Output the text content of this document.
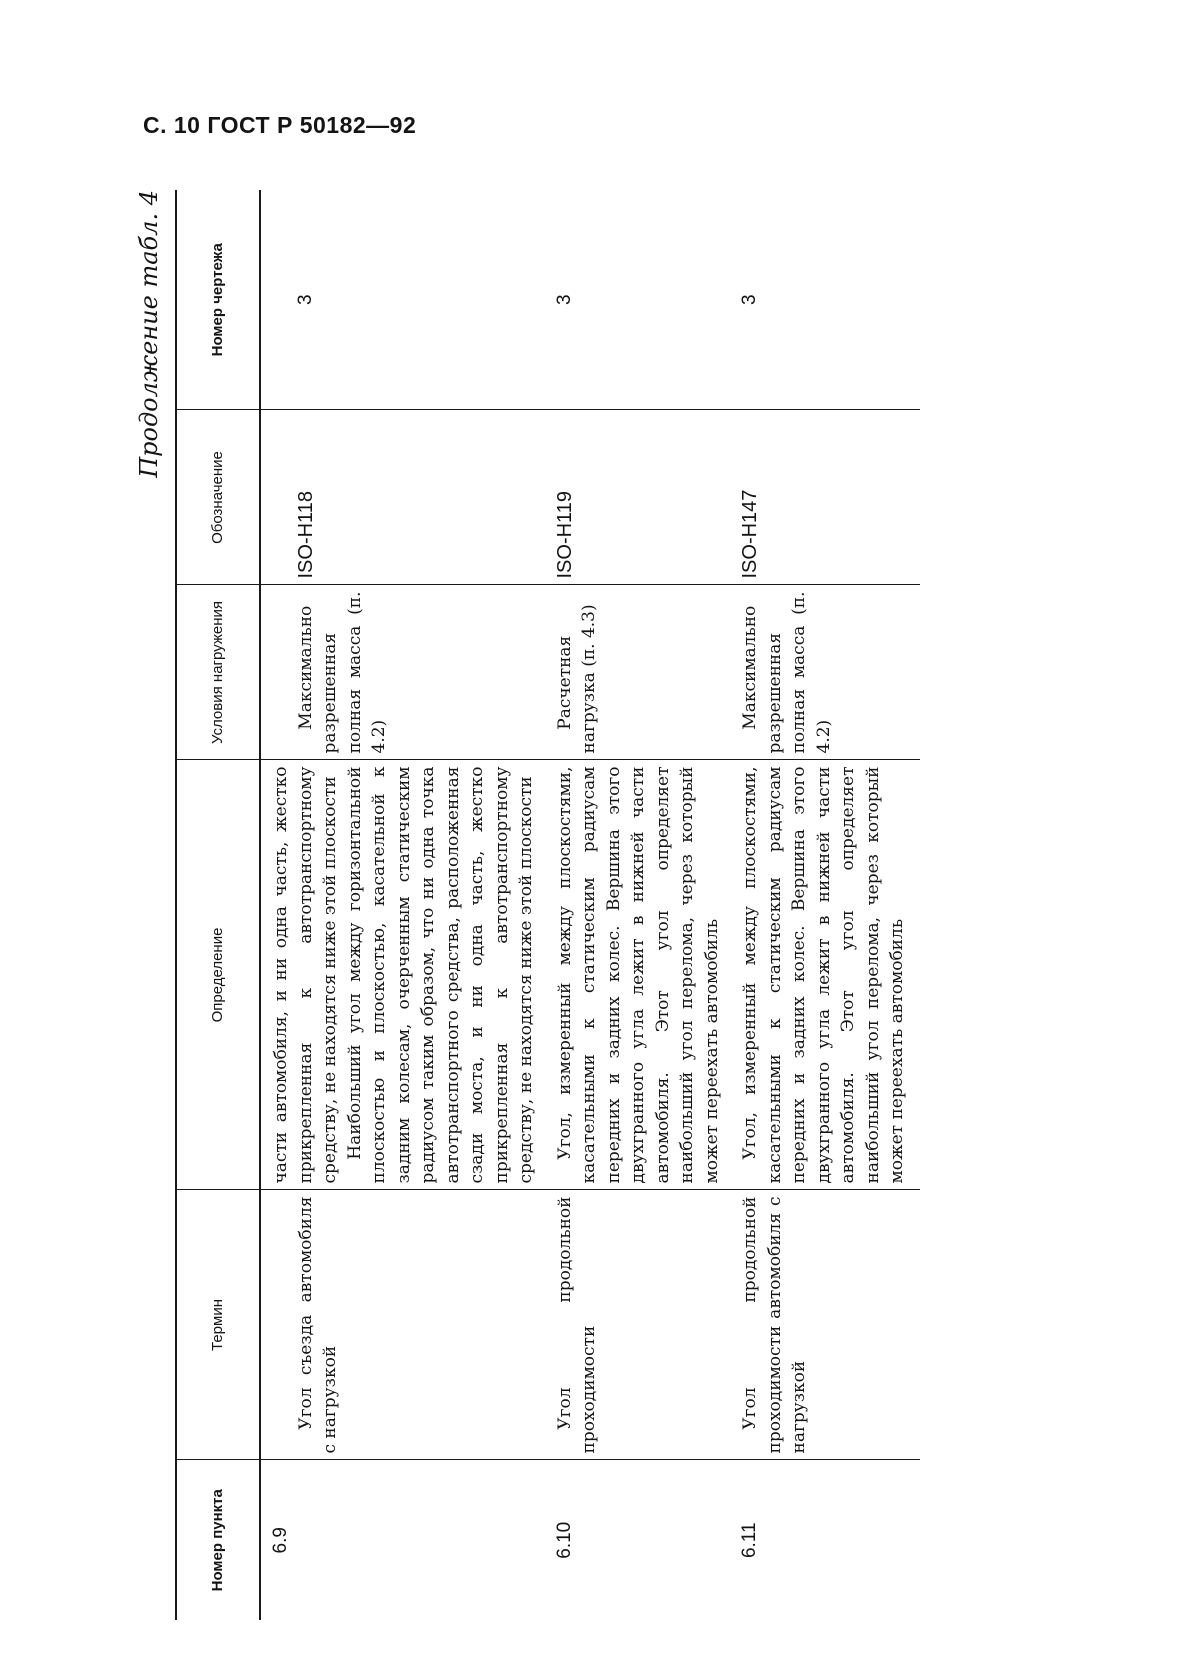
С. 10 ГОСТ Р 50182—92
Продолжение табл. 4
Номер пункта	Термин	Определение	Условия нагружения	Обозначение	Номер чертежа
6.9	Угол съезда автомобиля с нагрузкой	части автомобиля, и ни одна часть, жестко прикрепленная к автотранспортному средству, не находятся ниже этой плоскости Наибольший угол между горизонтальной плоскостью и плоскостью, касательной к задним колесам, очерченным статическим радиусом таким образом, что ни одна точка автотранспортного средства, расположенная сзади моста, и ни одна часть, жестко прикрепленная к автотранспортному средству, не находятся ниже этой плоскости	Максимально разрешенная полная масса (п. 4.2)	ISO-H118	3

6.10	Угол продольной проходимости	Угол, измеренный между плоскостями, касательными к статическим радиусам передних и задних колес. Вершина этого двухгранного угла лежит в нижней части автомобиля. Этот угол определяет наибольший угол перелома, через который может переехать автомобиль	Расчетная нагрузка (п. 4.3)	ISO-H119	3

6.11	Угол продольной проходимости автомобиля с нагрузкой	Угол, измеренный между плоскостями, касательными к статическим радиусам передних и задних колес. Вершина этого двухгранного угла лежит в нижней части автомобиля. Этот угол определяет наибольший угол перелома, через который может переехать автомобиль	Максимально разрешенная полная масса (п. 4.2)	ISO-H147	3
